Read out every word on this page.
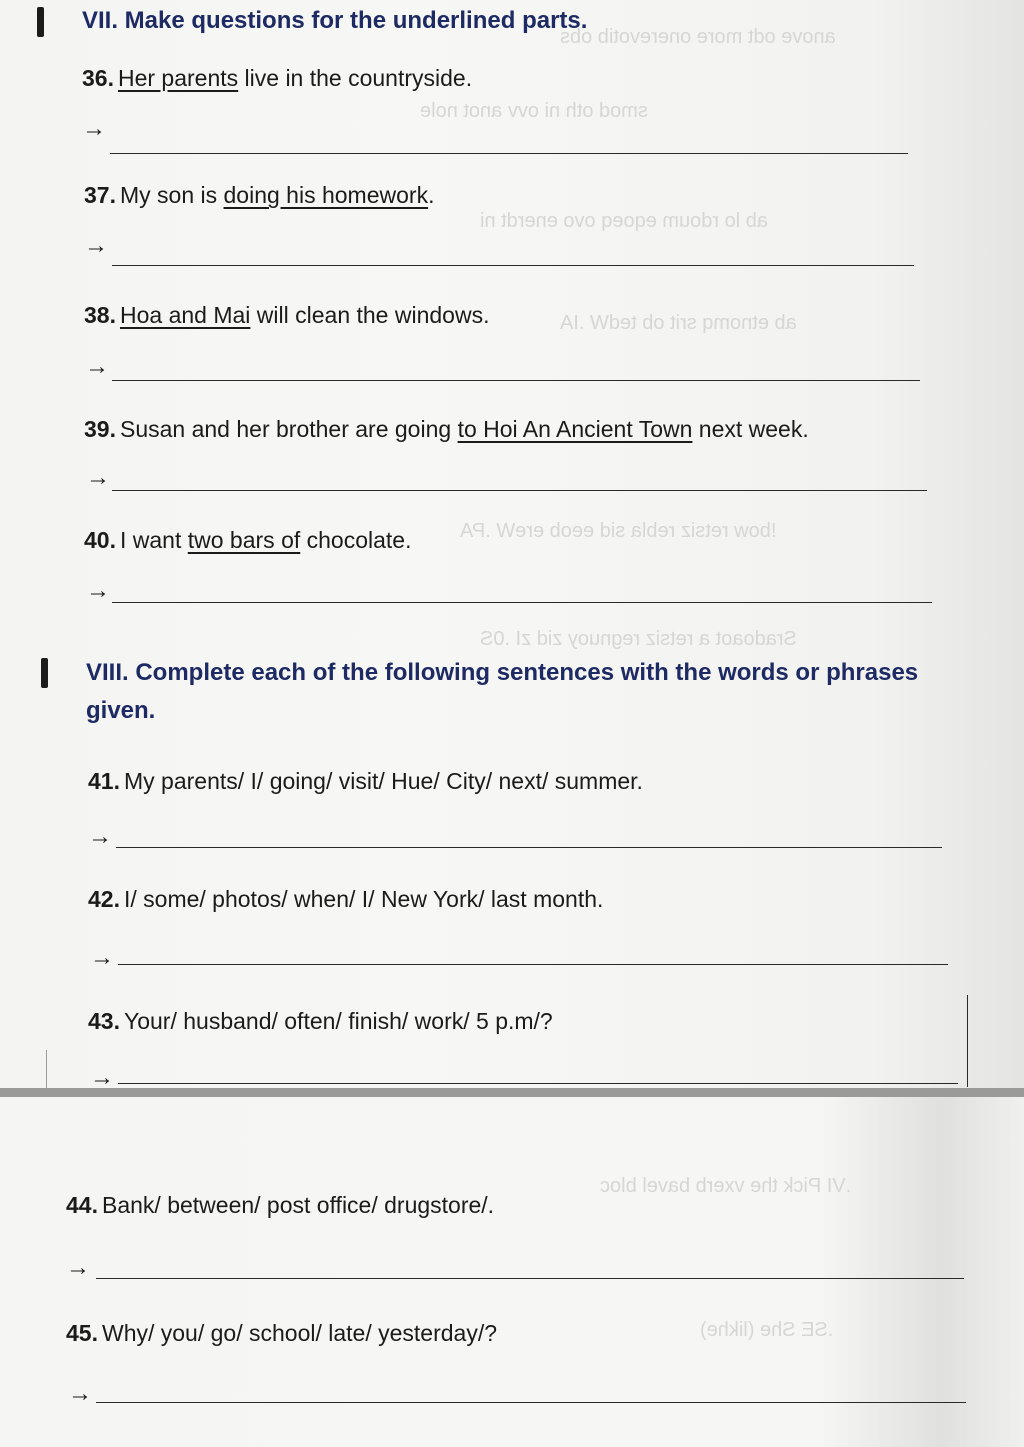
anove odt more onerevotib obs
smod oth ni ovv anot nole
ab lo rdoum eqoeq ovo enerdt ni
ab etnomq srit ob tedW .IA
!bow retsiz rebla sid eeob ereW .PA
Sradoaot a retsiz regnuoy zid zI .0S
.VI Pick the vxerb bavel bloc
.SE She (likhe)
VII. Make questions for the underlined parts.
36. Her parents live in the countryside.
→
37. My son is doing his homework.
→
38. Hoa and Mai will clean the windows.
→
39. Susan and her brother are going to Hoi An Ancient Town next week.
→
40. I want two bars of chocolate.
→
VIII. Complete each of the following sentences with the words or phrases
given.
41. My parents/ I/ going/ visit/ Hue/ City/ next/ summer.
→
42. I/ some/ photos/ when/ I/ New York/ last month.
→
43. Your/ husband/ often/ finish/ work/ 5 p.m/?
→
44. Bank/ between/ post office/ drugstore/.
→
45. Why/ you/ go/ school/ late/ yesterday/?
→
